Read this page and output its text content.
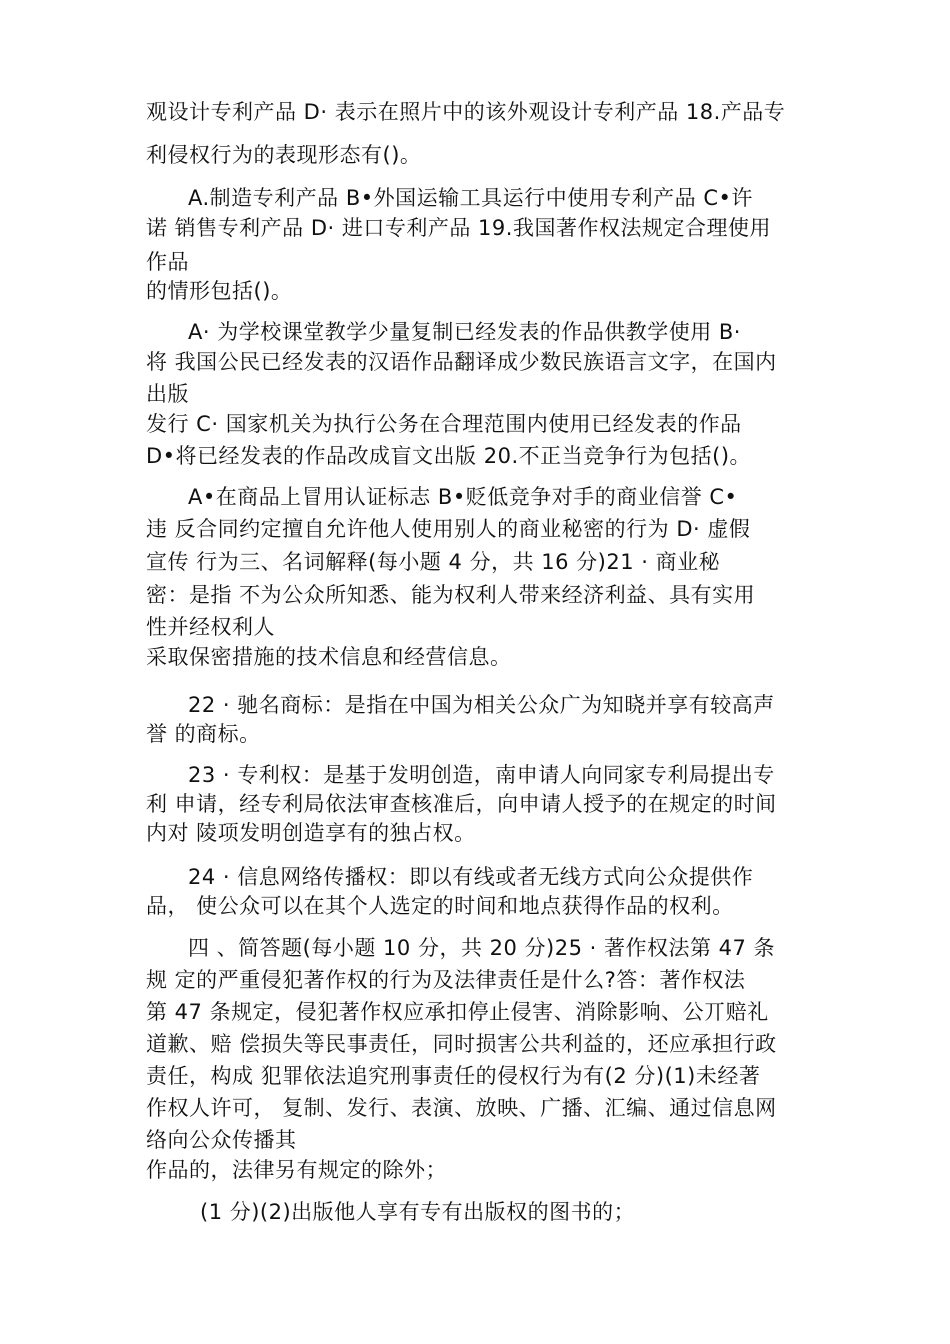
观设计专利产品 D· 表示在照片中的该外观设计专利产品 18.产品专
利侵权行为的表现形态有()。
A.制造专利产品 B•外国运输工具运行中使用专利产品 C•许
诺 销售专利产品 D· 进口专利产品 19.我国著作权法规定合理使用
作品
的情形包括()。
A· 为学校课堂教学少量复制已经发表的作品供教学使用 B·
将 我国公民已经发表的汉语作品翻译成少数民族语言文字，在国内
出版
发行 C· 国家机关为执行公务在合理范围内使用已经发表的作品
D•将已经发表的作品改成盲文出版 20.不正当竞争行为包括()。
A•在商品上冒用认证标志 B•贬低竞争对手的商业信誉 C•
违 反合同约定擅自允许他人使用别人的商业秘密的行为 D· 虚假
宣传 行为三、名词解释(每小题 4 分，共 16 分)21 · 商业秘
密：是指 不为公众所知悉、能为权利人带来经济利益、具有实用
性并经权利人
采取保密措施的技术信息和经营信息。
22 · 驰名商标：是指在中国为相关公众广为知晓并享有较高声
誉 的商标。
23 · 专利权：是基于发明创造，南申请人向同家专利局提出专
利 申请，经专利局依法审查核准后，向申请人授予的在规定的时间
内对 陵项发明创造享有的独占权。
24 · 信息网络传播权：即以有线或者无线方式向公众提供作
品， 使公众可以在其个人选定的时间和地点获得作品的权利。
四 、简答题(每小题 10 分，共 20 分)25 · 著作权法第 47 条
规 定的严重侵犯著作权的行为及法律责任是什么?答：著作权法
第 47 条规定，侵犯著作权应承扣停止侵害、消除影响、公丌赔礼
道歉、赔 偿损失等民事责任，同时损害公共利益的，还应承担行政
责任，构成 犯罪依法追究刑事责任的侵权行为有(2 分)(1)未经著
作权人许可， 复制、发行、表演、放映、广播、汇编、通过信息网
络向公众传播其
作品的，法律另有规定的除外；
(1 分)(2)出版他人享有专有出版权的图书的；
